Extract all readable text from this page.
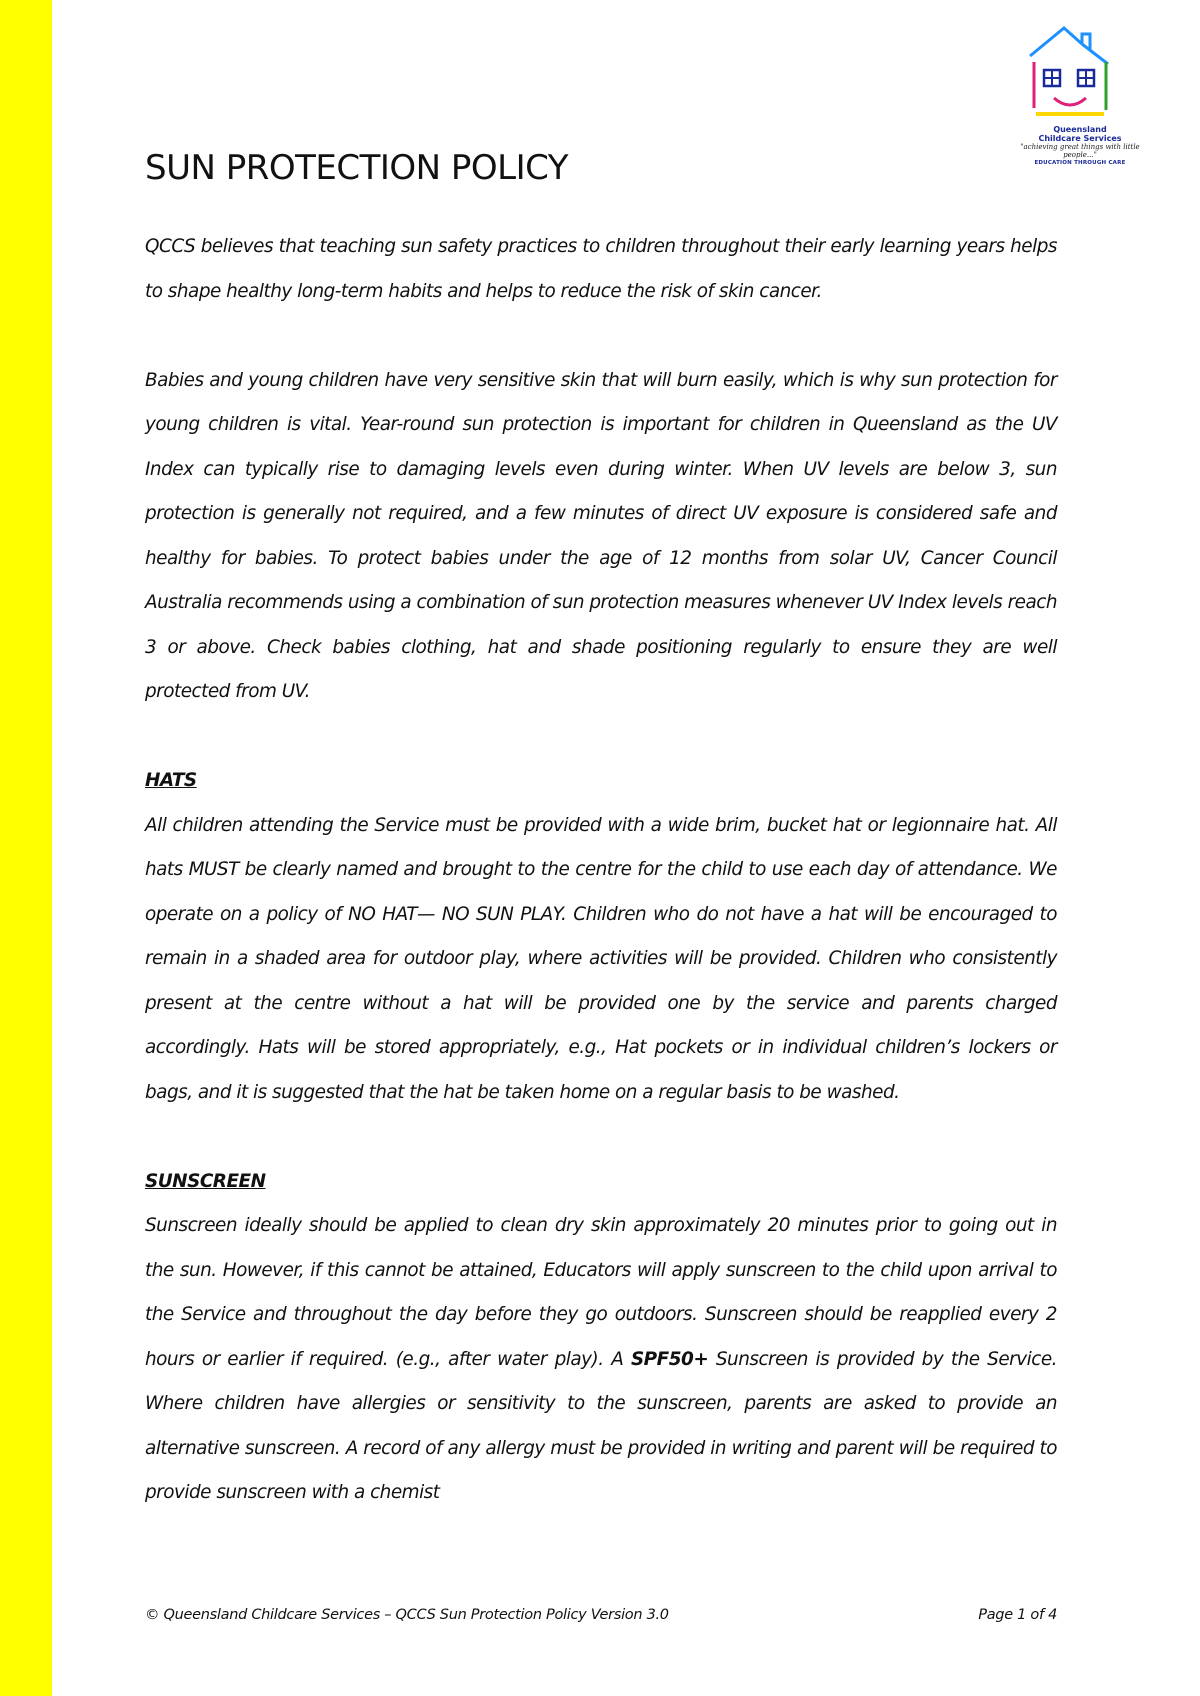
Queensland
Childcare Services
"achieving great things with little people..."
EDUCATION THROUGH CARE
SUN PROTECTION POLICY

QCCS believes that teaching sun safety practices to children throughout their early learning years helps to shape healthy long-term habits and helps to reduce the risk of skin cancer.

Babies and young children have very sensitive skin that will burn easily, which is why sun protection for young children is vital. Year-round sun protection is important for children in Queensland as the UV Index can typically rise to damaging levels even during winter. When UV levels are below 3, sun protection is generally not required, and a few minutes of direct UV exposure is considered safe and healthy for babies. To protect babies under the age of 12 months from solar UV, Cancer Council Australia recommends using a combination of sun protection measures whenever UV Index levels reach 3 or above. Check babies clothing, hat and shade positioning regularly to ensure they are well protected from UV.

HATS

All children attending the Service must be provided with a wide brim, bucket hat or legionnaire hat. All hats MUST be clearly named and brought to the centre for the child to use each day of attendance. We operate on a policy of NO HAT— NO SUN PLAY. Children who do not have a hat will be encouraged to remain in a shaded area for outdoor play, where activities will be provided. Children who consistently present at the centre without a hat will be provided one by the service and parents charged accordingly. Hats will be stored appropriately, e.g., Hat pockets or in individual children’s lockers or bags, and it is suggested that the hat be taken home on a regular basis to be washed.

SUNSCREEN

Sunscreen ideally should be applied to clean dry skin approximately 20 minutes prior to going out in the sun. However, if this cannot be attained, Educators will apply sunscreen to the child upon arrival to the Service and throughout the day before they go outdoors. Sunscreen should be reapplied every 2 hours or earlier if required. (e.g., after water play). A SPF50+ Sunscreen is provided by the Service. Where children have allergies or sensitivity to the sunscreen, parents are asked to provide an alternative sunscreen. A record of any allergy must be provided in writing and parent will be required to provide sunscreen with a chemist

© Queensland Childcare Services – QCCS Sun Protection Policy Version 3.0	Page 1 of 4
